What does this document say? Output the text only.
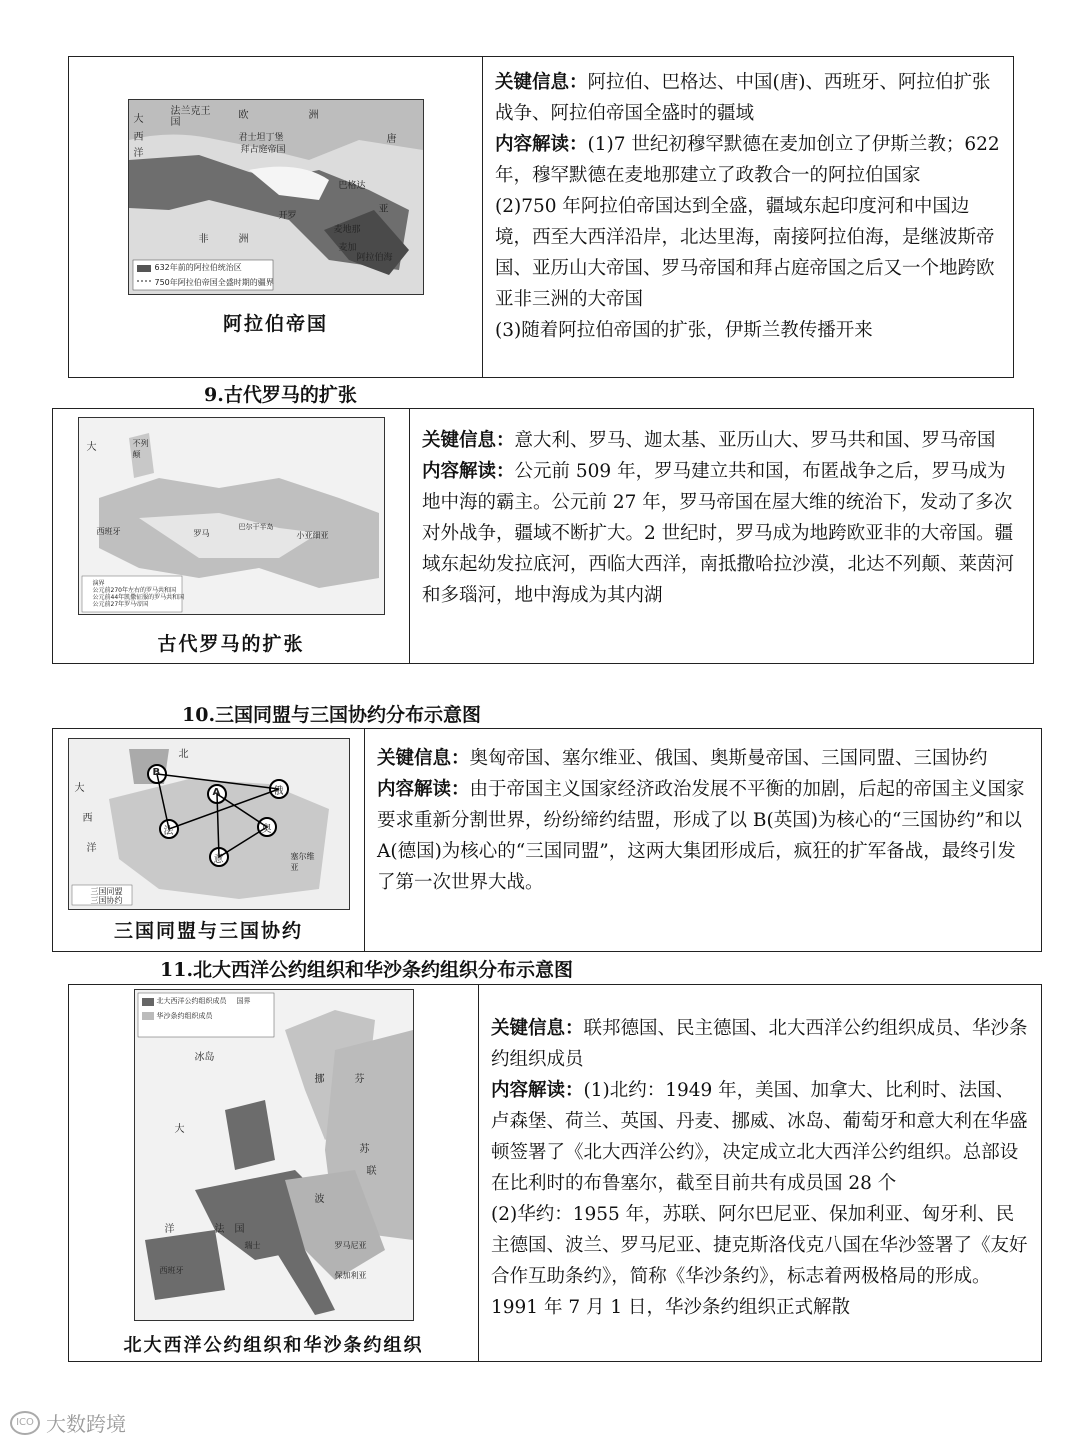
632年前的阿拉伯统治区
750年阿拉伯帝国全盛时期的疆界
大
西
洋
法兰克王国
欧	洲
君士坦丁堡
拜占庭帝国
巴格达
唐
开罗
麦地那
麦加
非	洲
亚
阿拉伯海
阿拉伯帝国

关键信息：阿拉伯、巴格达、中国(唐)、西班牙、阿拉伯扩张战争、阿拉伯帝国全盛时的疆域

内容解读：(1)7 世纪初穆罕默德在麦加创立了伊斯兰教；622 年，穆罕默德在麦地那建立了政教合一的阿拉伯国家

(2)750 年阿拉伯帝国达到全盛，疆域东起印度河和中国边境，西至大西洋沿岸，北达里海，南接阿拉伯海，是继波斯帝国、亚历山大帝国、罗马帝国和拜占庭帝国之后又一个地跨欧亚非三洲的大帝国

(3)随着阿拉伯帝国的扩张，伊斯兰教传播开来

9.古代罗马的扩张
大	不列颠
西班牙	罗马
巴尔干半岛
小亚细亚
演界
公元前270年左右的罗马共和国
公元前44年凯撒征服的罗马共和国
公元前27年罗马帝国
古代罗马的扩张

关键信息：意大利、罗马、迦太基、亚历山大、罗马共和国、罗马帝国

内容解读：公元前 509 年，罗马建立共和国，布匿战争之后，罗马成为地中海的霸主。公元前 27 年，罗马帝国在屋大维的统治下，发动了多次对外战争，疆域不断扩大。2 世纪时，罗马成为地跨欧亚非的大帝国。疆域东起幼发拉底河，西临大西洋，南抵撒哈拉沙漠，北达不列颠、莱茵河和多瑙河，地中海成为其内湖

10.三国同盟与三国协约分布示意图
B
A	俄
法	奥
意
北
大
西
洋
塞尔维亚
三国同盟
三国协约
三国同盟与三国协约

关键信息：奥匈帝国、塞尔维亚、俄国、奥斯曼帝国、三国同盟、三国协约

内容解读：由于帝国主义国家经济政治发展不平衡的加剧，后起的帝国主义国家要求重新分割世界，纷纷缔约结盟，形成了以 B(英国)为核心的“三国协约”和以 A(德国)为核心的“三国同盟”，这两大集团形成后，疯狂的扩军备战，最终引发了第一次世界大战。

11.北大西洋公约组织和华沙条约组织分布示意图
北大西洋公约组织成员
华沙条约组织成员
国界
冰岛
大
挪	芬
苏
联
洋	法 国
波
瑞士	罗马尼亚
西班牙
保加利亚
北大西洋公约组织和华沙条约组织

关键信息：联邦德国、民主德国、北大西洋公约组织成员、华沙条约组织成员

内容解读：(1)北约：1949 年，美国、加拿大、比利时、法国、卢森堡、荷兰、英国、丹麦、挪威、冰岛、葡萄牙和意大利在华盛顿签署了《北大西洋公约》，决定成立北大西洋公约组织。总部设在比利时的布鲁塞尔，截至目前共有成员国 28 个

(2)华约：1955 年，苏联、阿尔巴尼亚、保加利亚、匈牙利、民主德国、波兰、罗马尼亚、捷克斯洛伐克八国在华沙签署了《友好合作互助条约》，简称《华沙条约》，标志着两极格局的形成。1991 年 7 月 1 日，华沙条约组织正式解散

ICO 大数跨境
